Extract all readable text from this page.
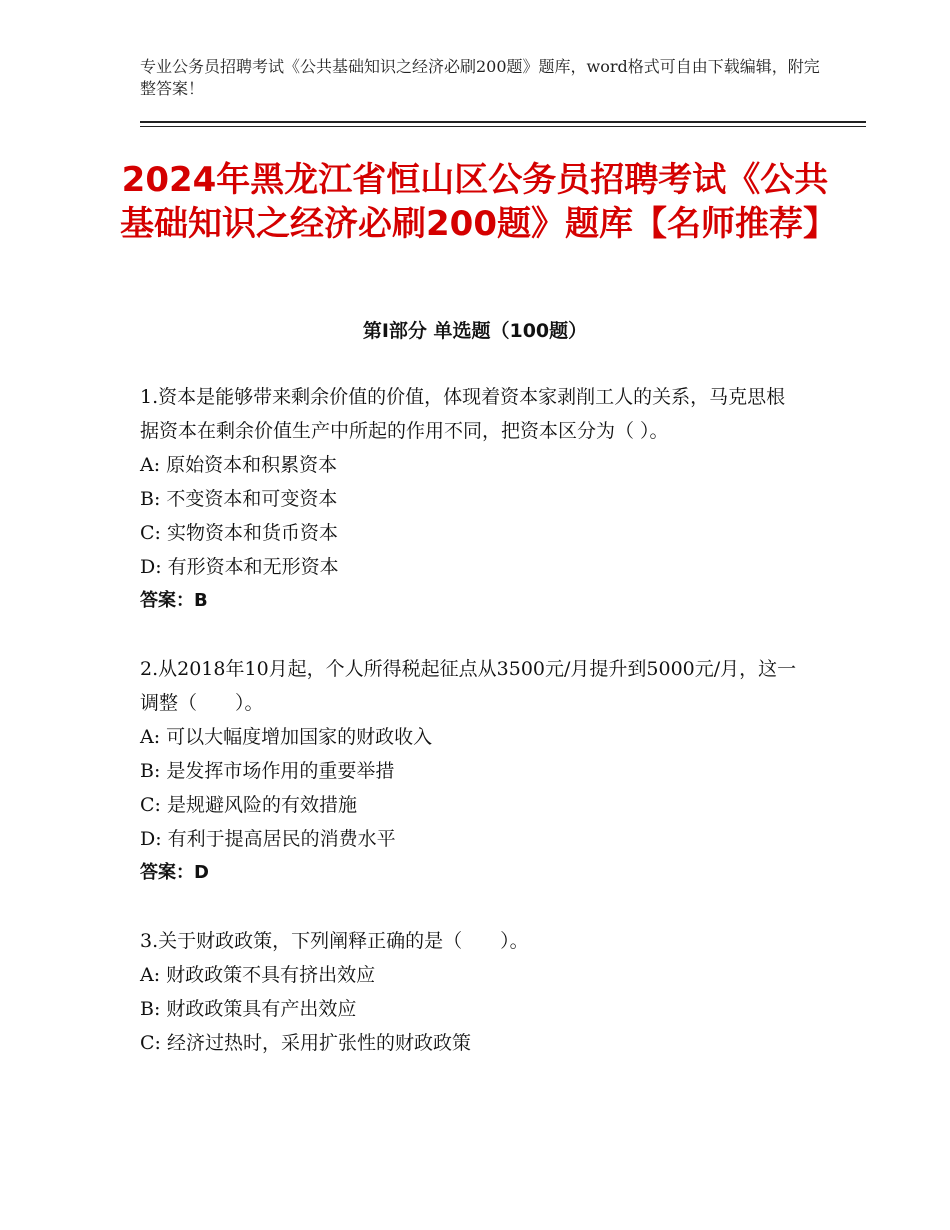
专业公务员招聘考试《公共基础知识之经济必刷200题》题库，word格式可自由下载编辑，附完整答案！
2024年黑龙江省恒山区公务员招聘考试《公共基础知识之经济必刷200题》题库【名师推荐】
第I部分 单选题（100题）
1.资本是能够带来剩余价值的价值，体现着资本家剥削工人的关系，马克思根据资本在剩余价值生产中所起的作用不同，把资本区分为（ ）。
A: 原始资本和积累资本
B: 不变资本和可变资本
C: 实物资本和货币资本
D: 有形资本和无形资本
答案：B
2.从2018年10月起，个人所得税起征点从3500元/月提升到5000元/月，这一调整（　　）。
A: 可以大幅度增加国家的财政收入
B: 是发挥市场作用的重要举措
C: 是规避风险的有效措施
D: 有利于提高居民的消费水平
答案：D
3.关于财政政策，下列阐释正确的是（　　）。
A: 财政政策不具有挤出效应
B: 财政政策具有产出效应
C: 经济过热时，采用扩张性的财政政策
